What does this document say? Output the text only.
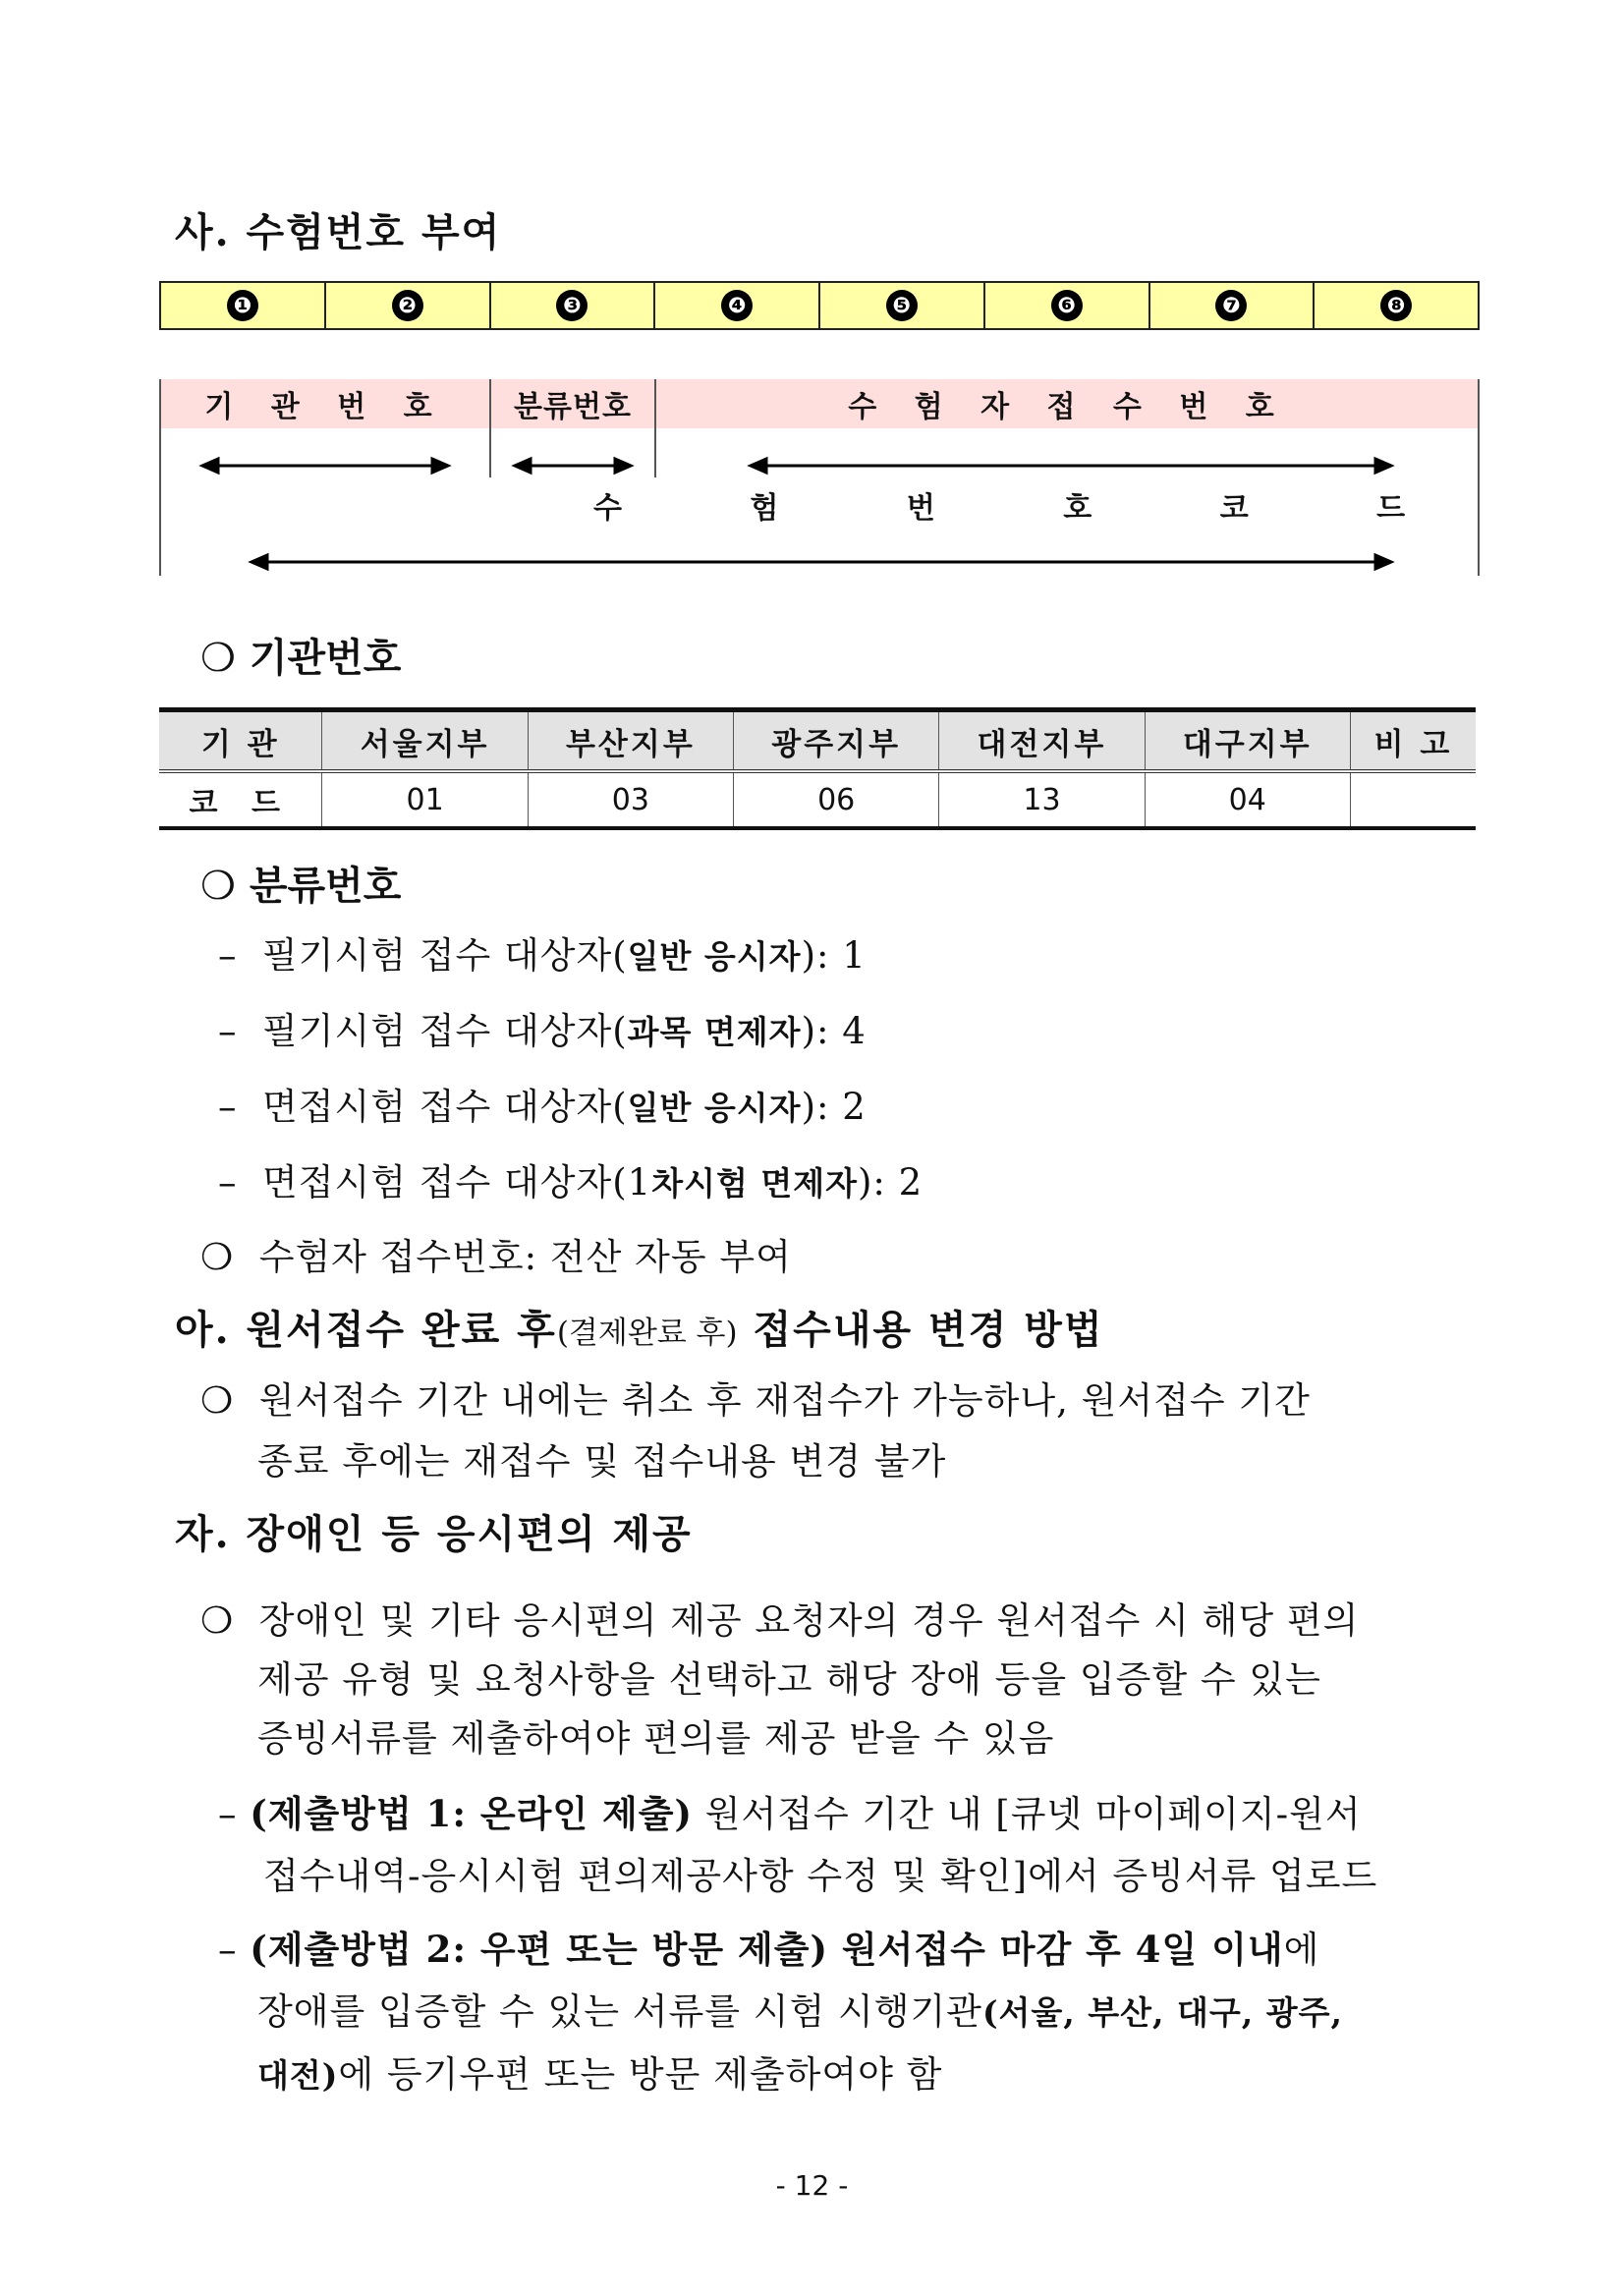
사. 수험번호 부여
❶	❷	❸	❹	❺	❻	❼	❽
기 관 번 호	분류번호	수 험 자 접 수 번 호
수 험 번 호 코 드
❍ 기관번호
기 관	서울지부	부산지부	광주지부	대전지부	대구지부	비 고
코 드	01	03	06	13	04	
❍ 분류번호
–  필기시험 접수 대상자(일반 응시자): 1
–  필기시험 접수 대상자(과목 면제자): 4
–  면접시험 접수 대상자(일반 응시자): 2
–  면접시험 접수 대상자(1차시험 면제자): 2
❍ 수험자 접수번호: 전산 자동 부여
아. 원서접수 완료 후(결제완료 후) 접수내용 변경 방법
❍ 원서접수 기간 내에는 취소 후 재접수가 가능하나, 원서접수 기간
종료 후에는 재접수 및 접수내용 변경 불가
자. 장애인 등 응시편의 제공
❍ 장애인 및 기타 응시편의 제공 요청자의 경우 원서접수 시 해당 편의
제공 유형 및 요청사항을 선택하고 해당 장애 등을 입증할 수 있는
증빙서류를 제출하여야 편의를 제공 받을 수 있음
– (제출방법 1: 온라인 제출) 원서접수 기간 내 [큐넷 마이페이지-원서
접수내역-응시시험 편의제공사항 수정 및 확인]에서 증빙서류 업로드
– (제출방법 2: 우편 또는 방문 제출) 원서접수 마감 후 4일 이내에
장애를 입증할 수 있는 서류를 시험 시행기관(서울, 부산, 대구, 광주,
대전)에 등기우편 또는 방문 제출하여야 함
- 12 -
